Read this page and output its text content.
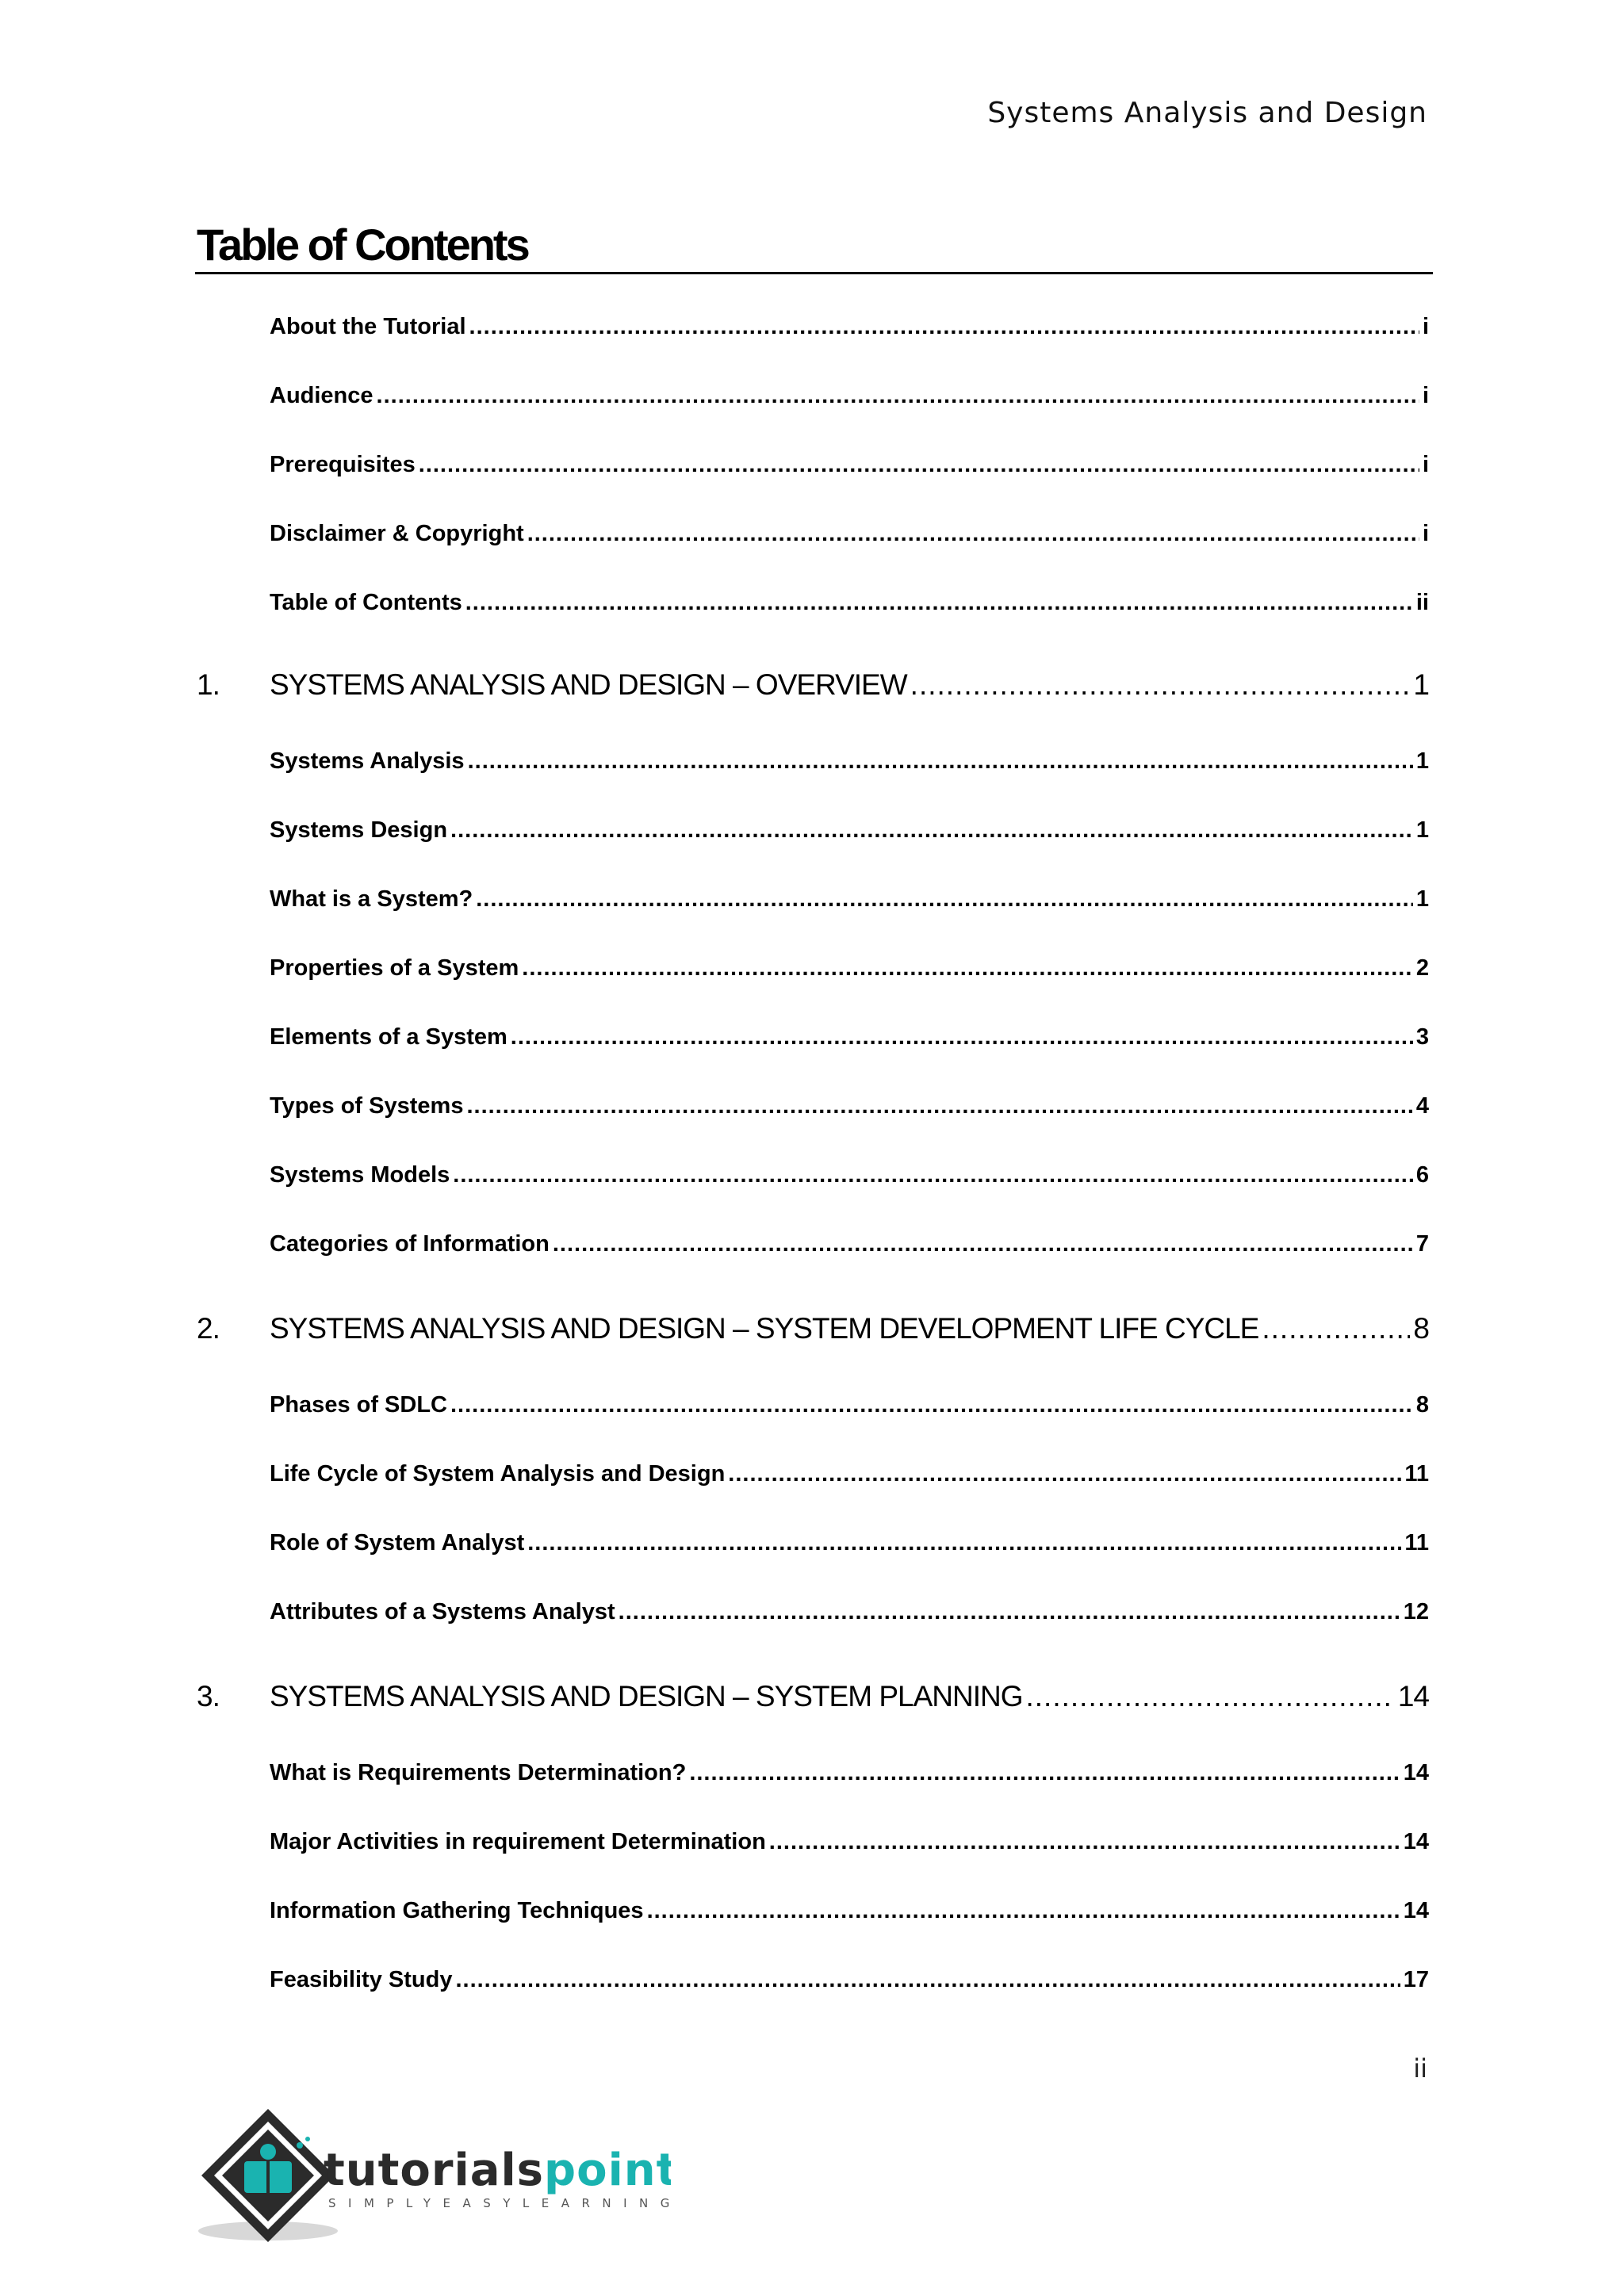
Systems Analysis and Design
Table of Contents
About the Tutorial .....	i
Audience .....	i
Prerequisites .....	i
Disclaimer & Copyright .....	i
Table of Contents .....	ii
1.	SYSTEMS ANALYSIS AND DESIGN – OVERVIEW .....	1
Systems Analysis .....	1
Systems Design .....	1
What is a System? .....	1
Properties of a System .....	2
Elements of a System .....	3
Types of Systems .....	4
Systems Models .....	6
Categories of Information .....	7
2.	SYSTEMS ANALYSIS AND DESIGN – SYSTEM DEVELOPMENT LIFE CYCLE .....	8
Phases of SDLC .....	8
Life Cycle of System Analysis and Design .....	11
Role of System Analyst .....	11
Attributes of a Systems Analyst .....	12
3.	SYSTEMS ANALYSIS AND DESIGN – SYSTEM PLANNING .....	14
What is Requirements Determination? .....	14
Major Activities in requirement Determination .....	14
Information Gathering Techniques .....	14
Feasibility Study .....	17
ii
tutorialspoint
SIMPLYEASYLEARNING
